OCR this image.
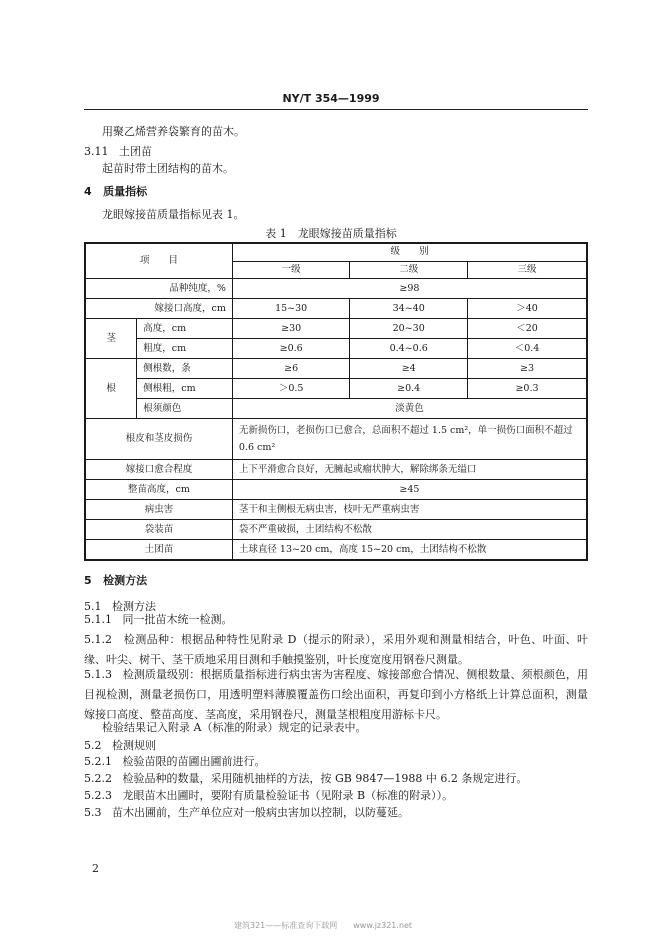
NY/T 354—1999
用聚乙烯营养袋繁育的苗木。
3.11 土团苗
起苗时带土团结构的苗木。
4 质量指标
龙眼嫁接苗质量指标见表 1。
表 1　龙眼嫁接苗质量指标
项　　目		级　　别		
		一级	二级	三级
品种纯度，%		≥98		
嫁接口高度，cm		15~30	34~40	＞40
茎	高度，cm	≥30	20~30	＜20
	粗度，cm	≥0.6	0.4~0.6	＜0.4
根	侧根数，条	≥6	≥4	≥3
	侧根粗，cm	＞0.5	≥0.4	≥0.3
	根须颜色	淡黄色		
根皮和茎皮损伤		无新损伤口，老损伤口已愈合，总面积不超过 1.5 cm²，单一损伤口面积不超过
0.6 cm²		

嫁接口愈合程度		上下平滑愈合良好，无臃起或瘤状肿大，解除绑条无缢口		
整苗高度，cm		≥45		
病虫害		茎干和主侧根无病虫害，枝叶无严重病虫害		
袋装苗		袋不严重破损，土团结构不松散		
土团苗		土球直径 13~20 cm，高度 15~20 cm，土团结构不松散		
5 检测方法
5.1 检测方法
5.1.1 同一批苗木统一检测。
5.1.2 检测品种：根据品种特性见附录 D（提示的附录），采用外观和测量相结合，叶色、叶面、叶缘、叶尖、树干、茎干质地采用目测和手触摸鉴别，叶长度宽度用钢卷尺测量。
5.1.3 检测质量级别：根据质量指标进行病虫害为害程度、嫁接部愈合情况、侧根数量、须根颜色，用目视检测，测量老损伤口，用透明塑料薄膜覆盖伤口绘出面积，再复印到小方格纸上计算总面积，测量嫁接口高度、整苗高度、茎高度，采用钢卷尺，测量茎根粗度用游标卡尺。
检验结果记入附录 A（标准的附录）规定的记录表中。
5.2 检测规则
5.2.1 检验苗限的苗圃出圃前进行。
5.2.2 检验品种的数量，采用随机抽样的方法，按 GB 9847—1988 中 6.2 条规定进行。
5.2.3 龙眼苗木出圃时，要附有质量检验证书（见附录 B（标准的附录））。
5.3 苗木出圃前，生产单位应对一般病虫害加以控制，以防蔓延。
2
建筑321——标准查询下载网　　www.jz321.net
